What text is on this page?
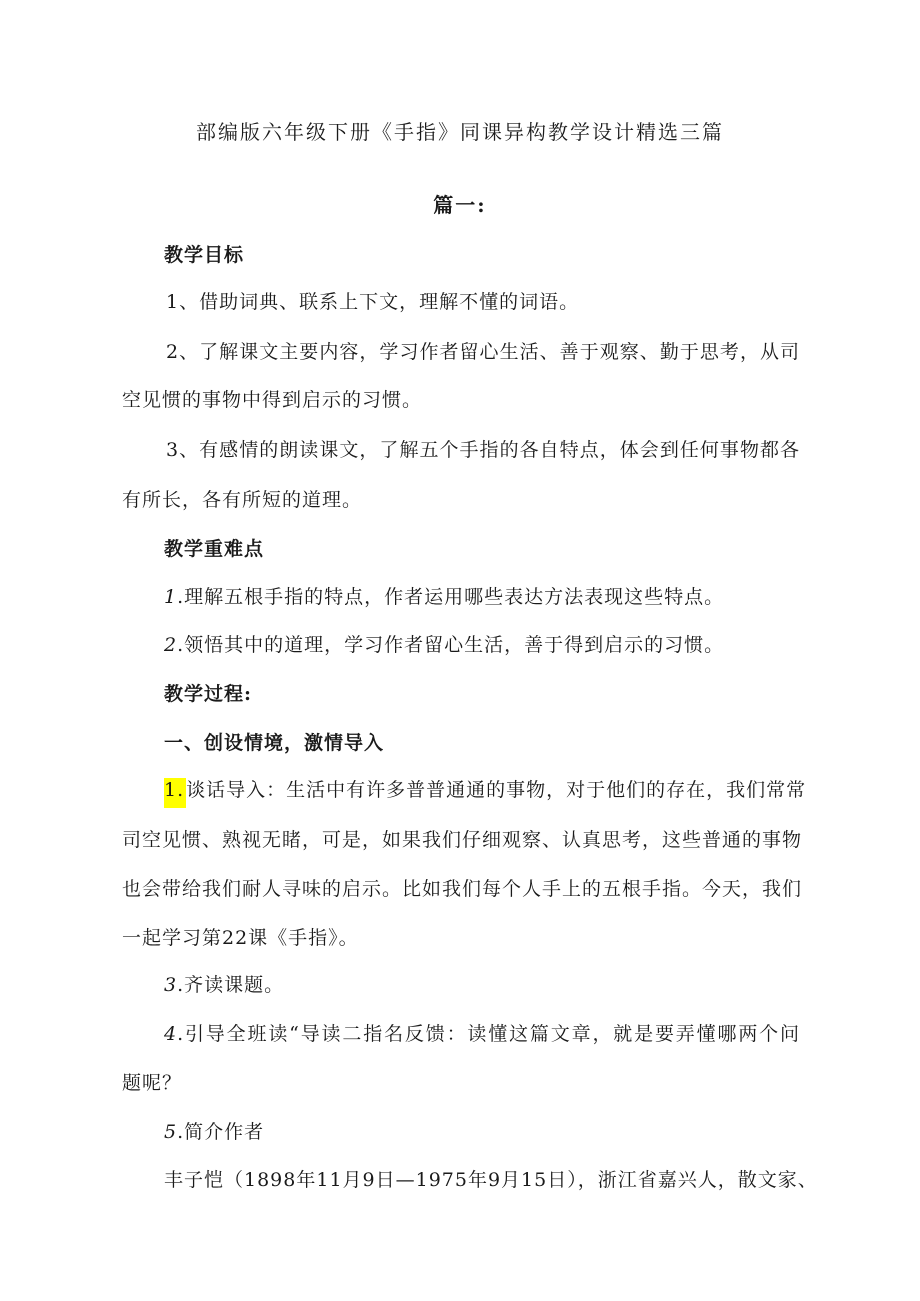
部编版六年级下册《手指》同课异构教学设计精选三篇
篇一:
教学目标
1、借助词典、联系上下文，理解不懂的词语。
2、了解课文主要内容，学习作者留心生活、善于观察、勤于思考，从司
空见惯的事物中得到启示的习惯。
3、有感情的朗读课文，了解五个手指的各自特点，体会到任何事物都各
有所长，各有所短的道理。
教学重难点
1.理解五根手指的特点，作者运用哪些表达方法表现这些特点。
2.领悟其中的道理，学习作者留心生活，善于得到启示的习惯。
教学过程:
一、创设情境，激情导入
1. 谈话导入：生活中有许多普普通通的事物，对于他们的存在，我们常常
司空见惯、熟视无睹，可是，如果我们仔细观察、认真思考，这些普通的事物
也会带给我们耐人寻味的启示。比如我们每个人手上的五根手指。今天，我们
一起学习第22课《手指》。
3.齐读课题。
4.引导全班读“导读二指名反馈：读懂这篇文章，就是要弄懂哪两个问
题呢？
5.简介作者
丰子恺（1898年11月9日—1975年9月15日），浙江省嘉兴人，散文家、
